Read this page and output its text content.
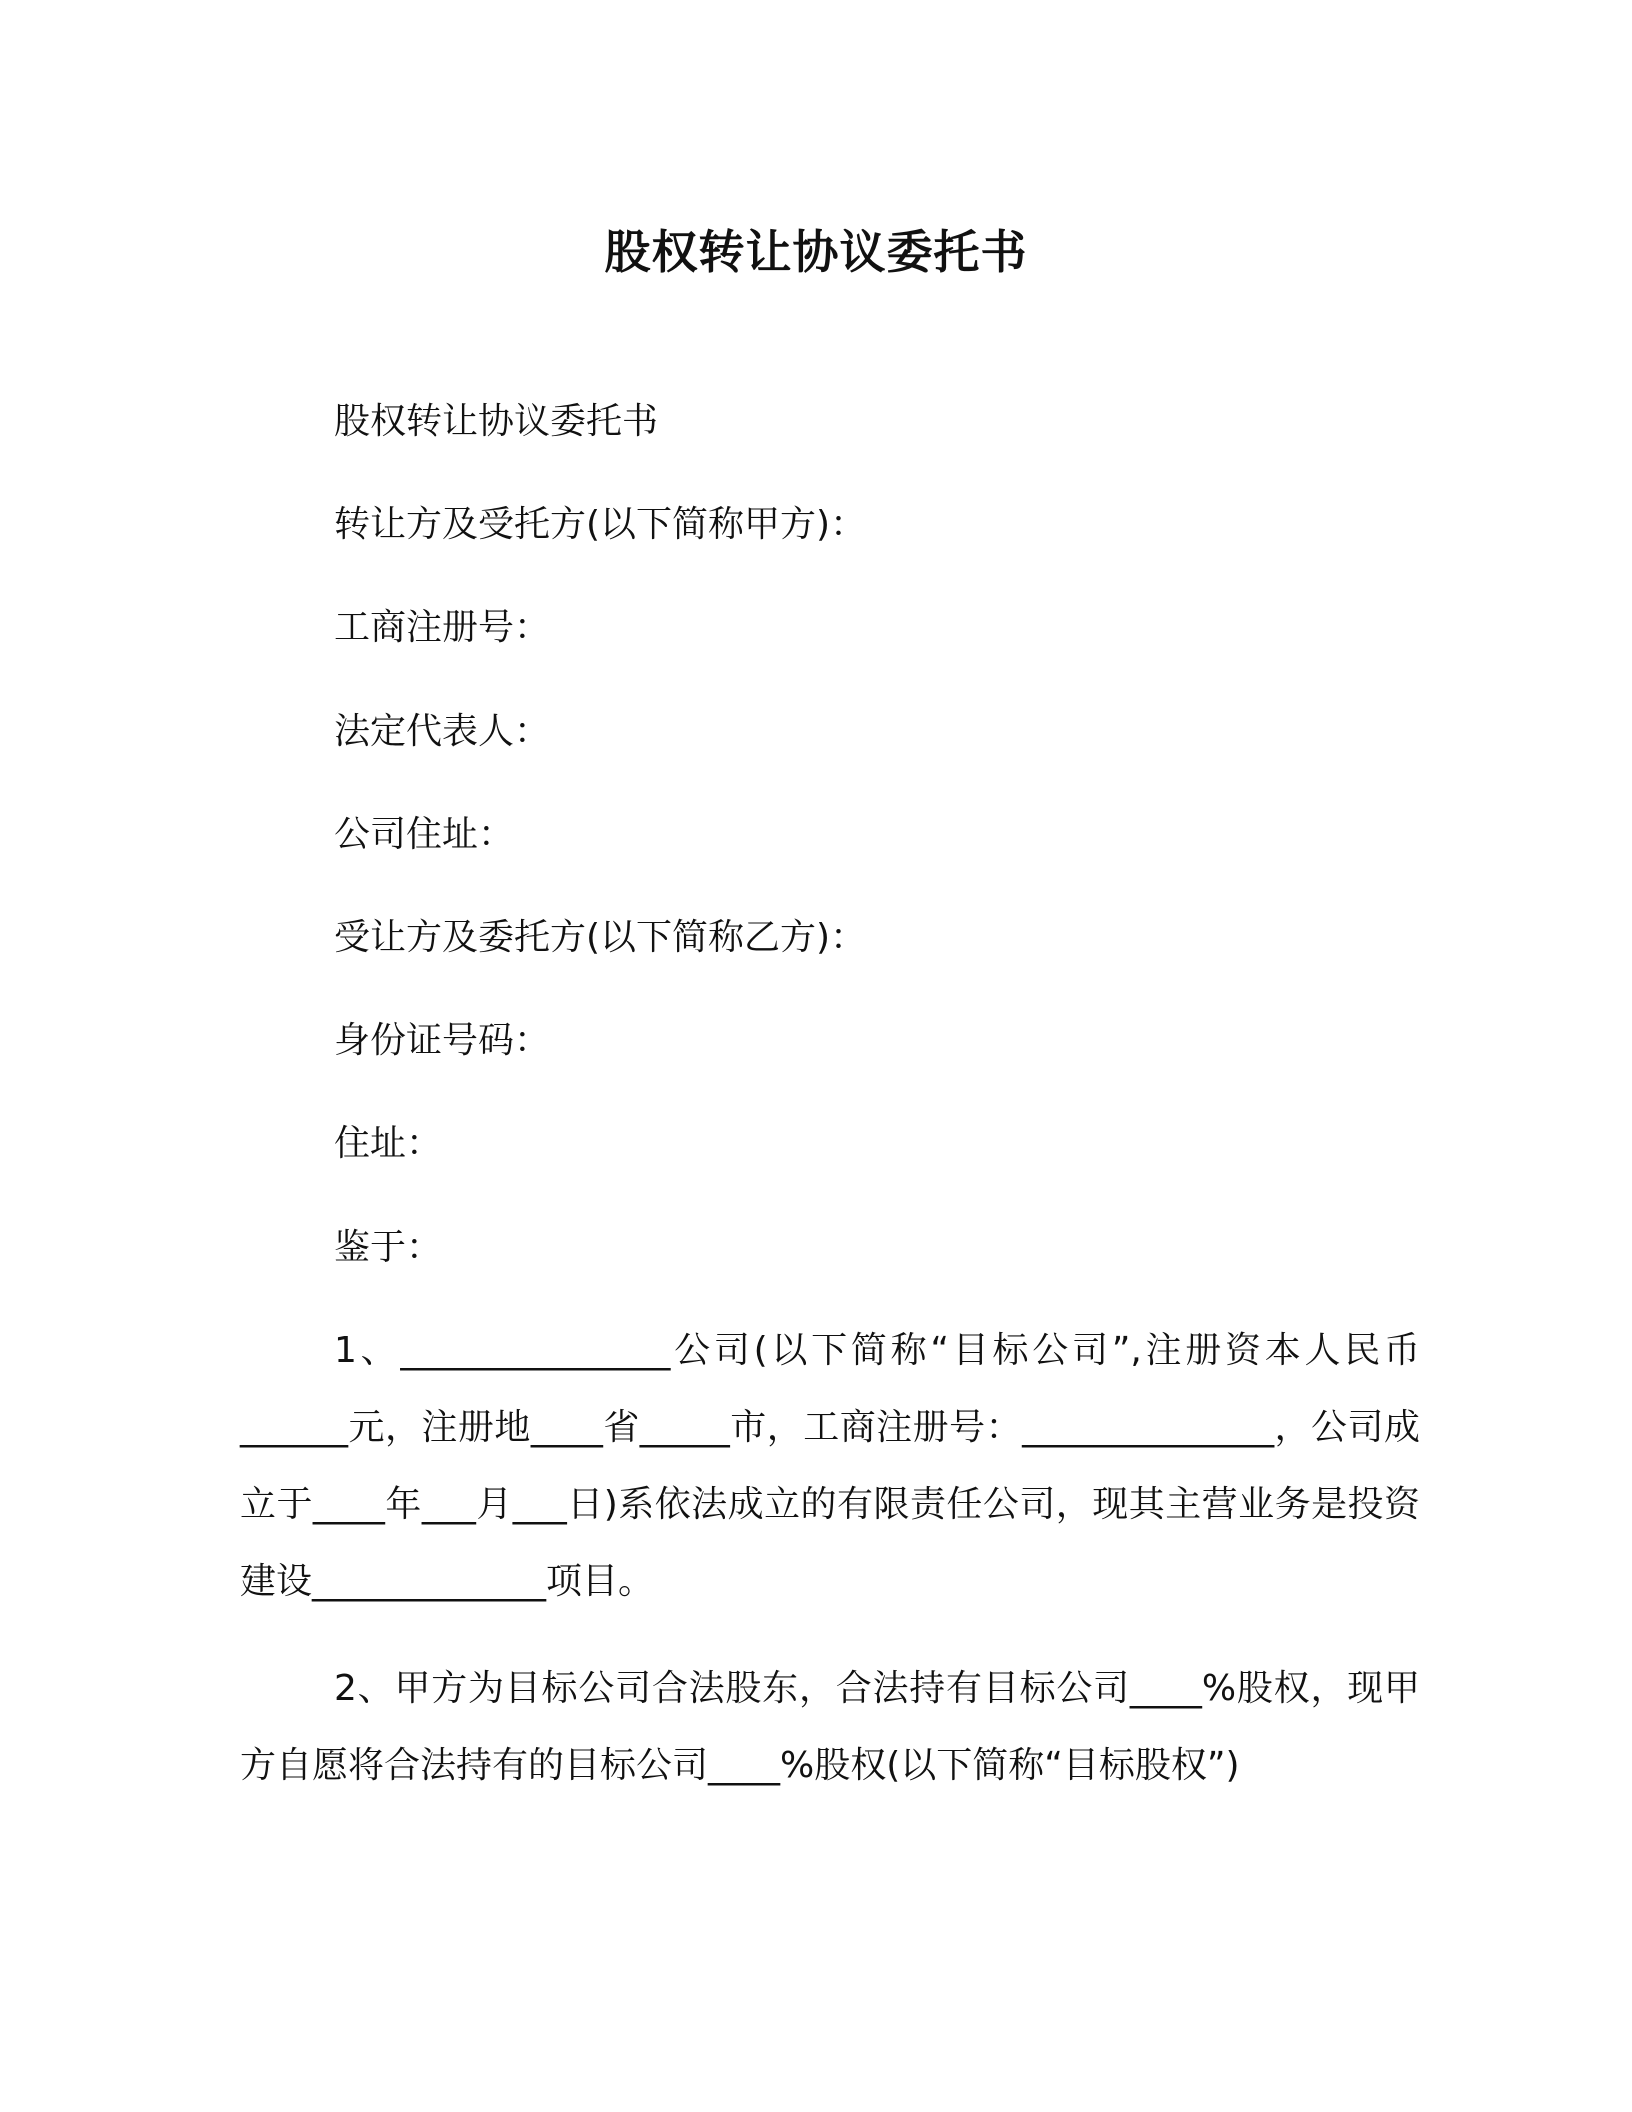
股权转让协议委托书
股权转让协议委托书
转让方及受托方(以下简称甲方)：
工商注册号：
法定代表人：
公司住址：
受让方及委托方(以下简称乙方)：
身份证号码：
住址：
鉴于：
1、_______________公司(以下简称“目标公司”,注册资本人民币______元，注册地____省_____市，工商注册号：______________，公司成立于____年___月___日)系依法成立的有限责任公司，现其主营业务是投资建设_____________项目。
2、甲方为目标公司合法股东，合法持有目标公司____%股权，现甲方自愿将合法持有的目标公司____%股权(以下简称“目标股权”)
